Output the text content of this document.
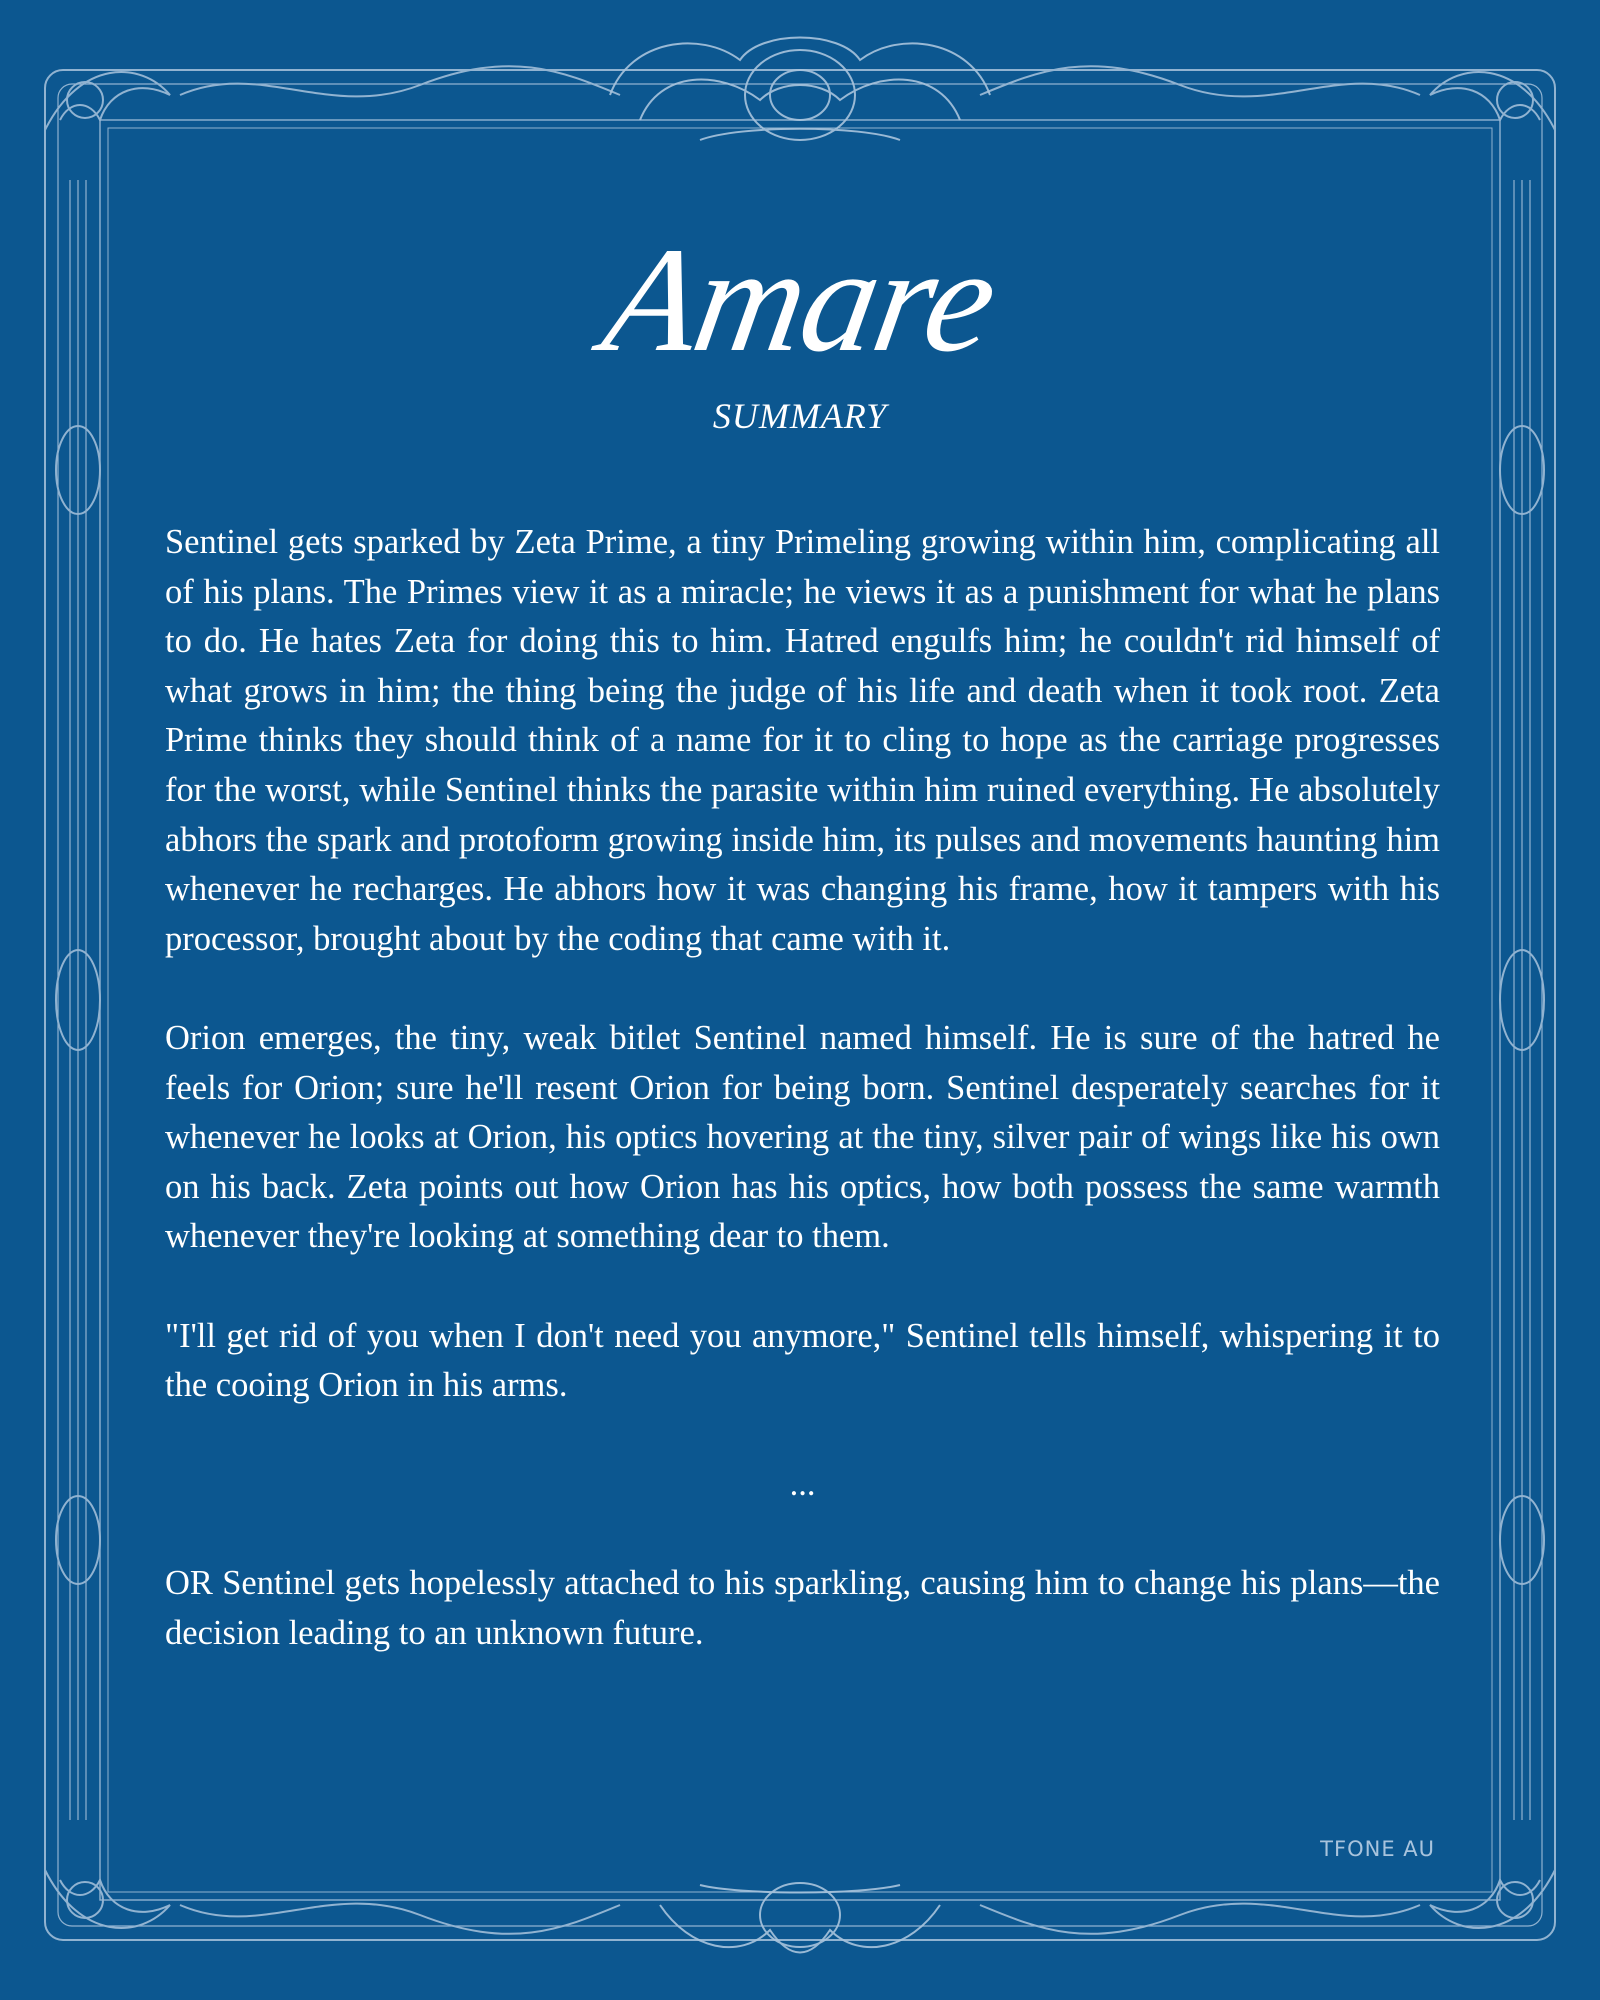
Amare
SUMMARY

Sentinel gets sparked by Zeta Prime, a tiny Primeling growing within him, complicating all of his plans. The Primes view it as a miracle; he views it as a punishment for what he plans to do. He hates Zeta for doing this to him. Hatred engulfs him; he couldn't rid himself of what grows in him; the thing being the judge of his life and death when it took root. Zeta Prime thinks they should think of a name for it to cling to hope as the carriage progresses for the worst, while Sentinel thinks the parasite within him ruined everything. He absolutely abhors the spark and protoform growing inside him, its pulses and movements haunting him whenever he recharges. He abhors how it was changing his frame, how it tampers with his processor, brought about by the coding that came with it.

Orion emerges, the tiny, weak bitlet Sentinel named himself. He is sure of the hatred he feels for Orion; sure he'll resent Orion for being born. Sentinel desperately searches for it whenever he looks at Orion, his optics hovering at the tiny, silver pair of wings like his own on his back. Zeta points out how Orion has his optics, how both possess the same warmth whenever they're looking at something dear to them.

"I'll get rid of you when I don't need you anymore," Sentinel tells himself, whispering it to the cooing Orion in his arms.

...

OR Sentinel gets hopelessly attached to his sparkling, causing him to change his plans—the decision leading to an unknown future.

TFONE AU
